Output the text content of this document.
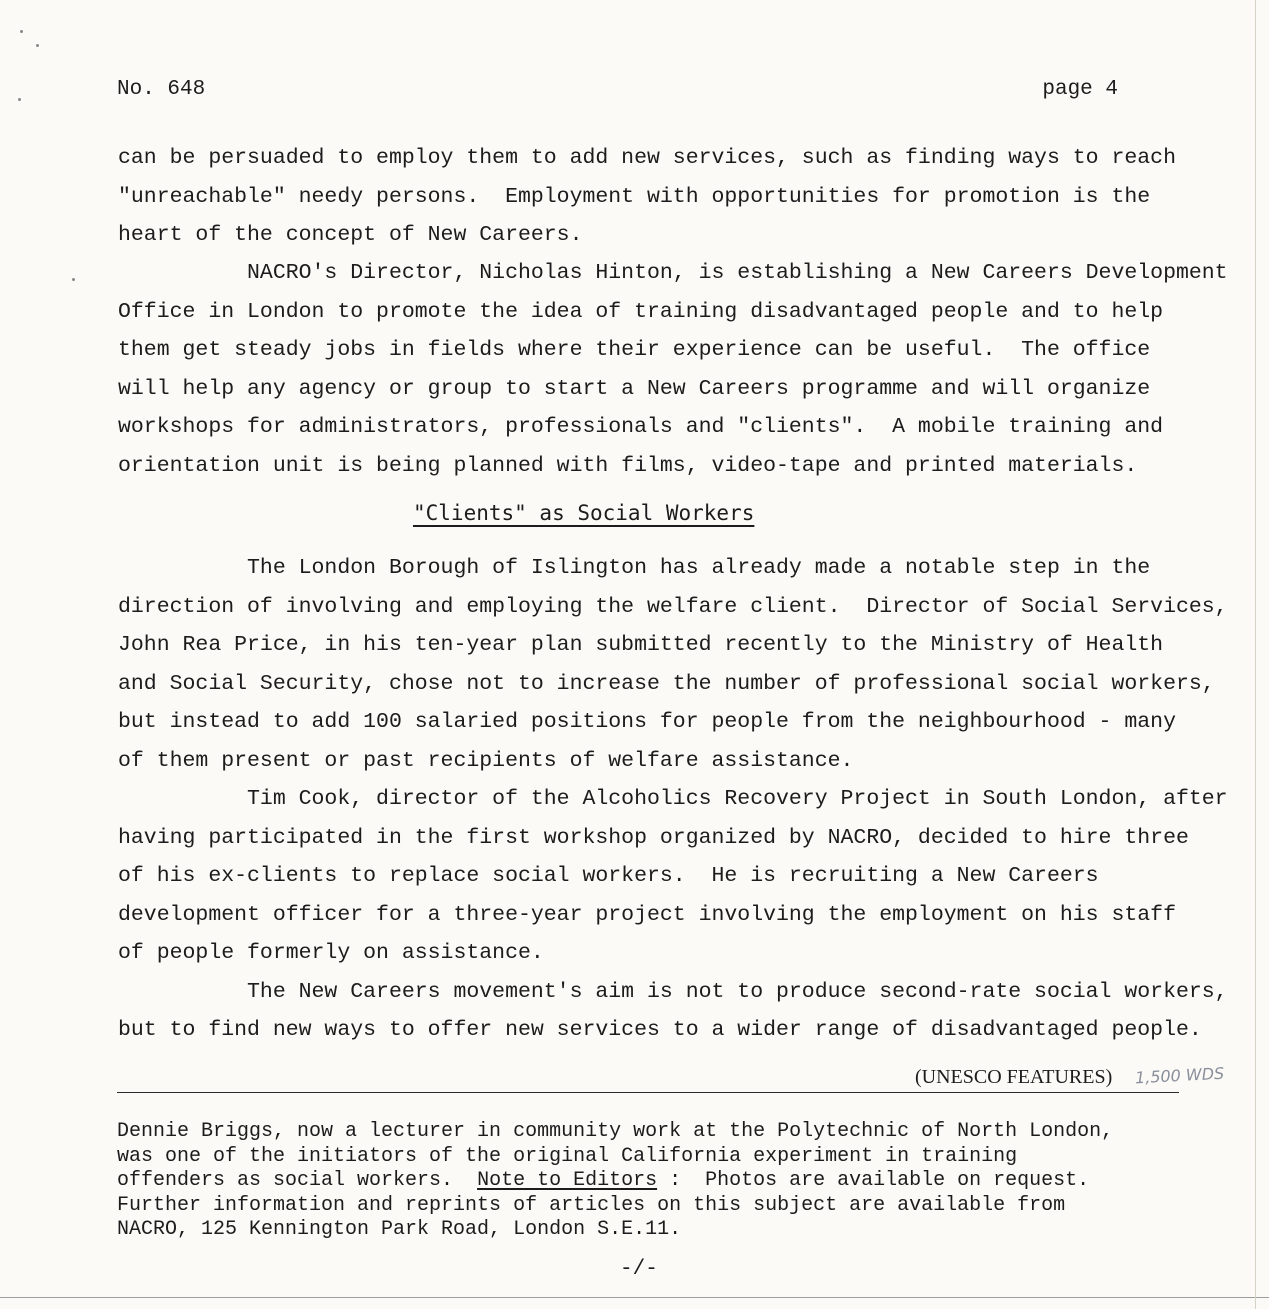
No. 648	page 4
can be persuaded to employ them to add new services, such as finding ways to reach
"unreachable" needy persons.  Employment with opportunities for promotion is the
heart of the concept of New Careers.
NACRO's Director, Nicholas Hinton, is establishing a New Careers Development
Office in London to promote the idea of training disadvantaged people and to help
them get steady jobs in fields where their experience can be useful.  The office
will help any agency or group to start a New Careers programme and will organize
workshops for administrators, professionals and "clients".  A mobile training and
orientation unit is being planned with films, video-tape and printed materials.
"Clients" as Social Workers
The London Borough of Islington has already made a notable step in the
direction of involving and employing the welfare client.  Director of Social Services,
John Rea Price, in his ten-year plan submitted recently to the Ministry of Health
and Social Security, chose not to increase the number of professional social workers,
but instead to add 100 salaried positions for people from the neighbourhood - many
of them present or past recipients of welfare assistance.
Tim Cook, director of the Alcoholics Recovery Project in South London, after
having participated in the first workshop organized by NACRO, decided to hire three
of his ex-clients to replace social workers.  He is recruiting a New Careers
development officer for a three-year project involving the employment on his staff
of people formerly on assistance.
The New Careers movement's aim is not to produce second-rate social workers,
but to find new ways to offer new services to a wider range of disadvantaged people.
(UNESCO FEATURES) 1,500 WDS
Dennie Briggs, now a lecturer in community work at the Polytechnic of North London,
was one of the initiators of the original California experiment in training
offenders as social workers.  Note to Editors :  Photos are available on request.
Further information and reprints of articles on this subject are available from
NACRO, 125 Kennington Park Road, London S.E.11.
-/-
